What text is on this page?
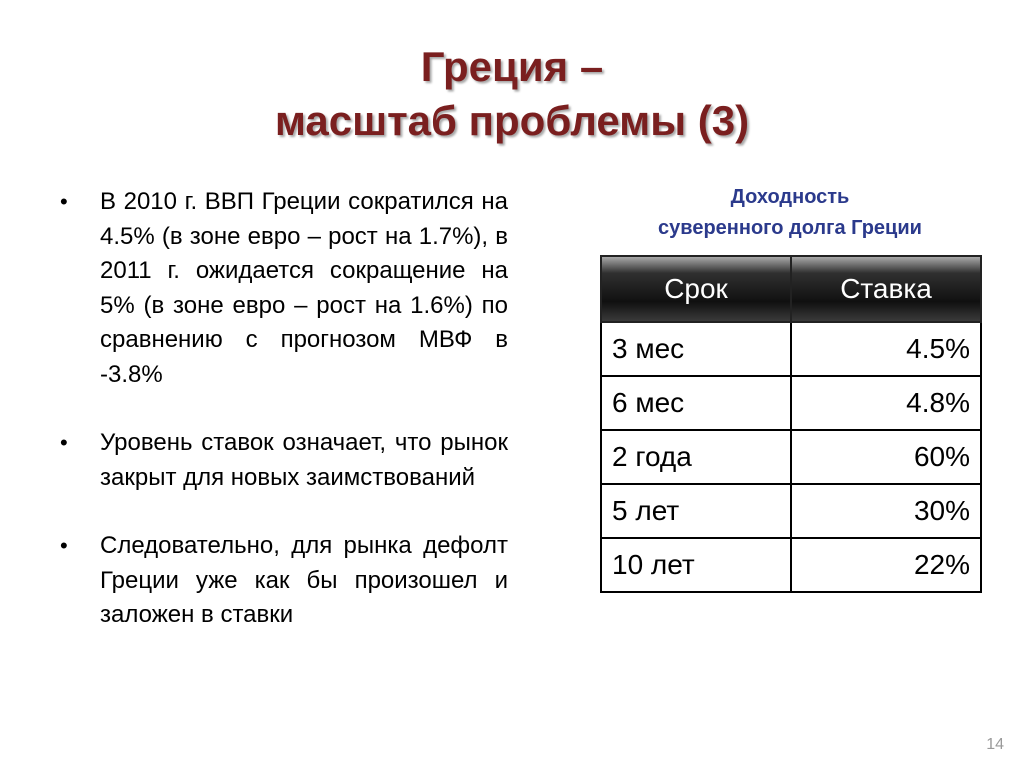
Греция –
масштаб проблемы (3)
•	В 2010 г. ВВП Греции сократился на 4.5% (в зоне евро – рост на 1.7%), в 2011 г. ожидается сокращение на 5% (в зоне евро – рост на 1.6%) по сравнению с прогнозом МВФ в -3.8%
•	Уровень ставок означает, что рынок закрыт для новых заимствований
•	Следовательно, для рынка дефолт Греции уже как бы произошел и заложен в ставки
Доходность
суверенного долга Греции
Срок	Ставка
3 мес	4.5%
6 мес	4.8%
2 года	60%
5 лет	30%
10 лет	22%
14
